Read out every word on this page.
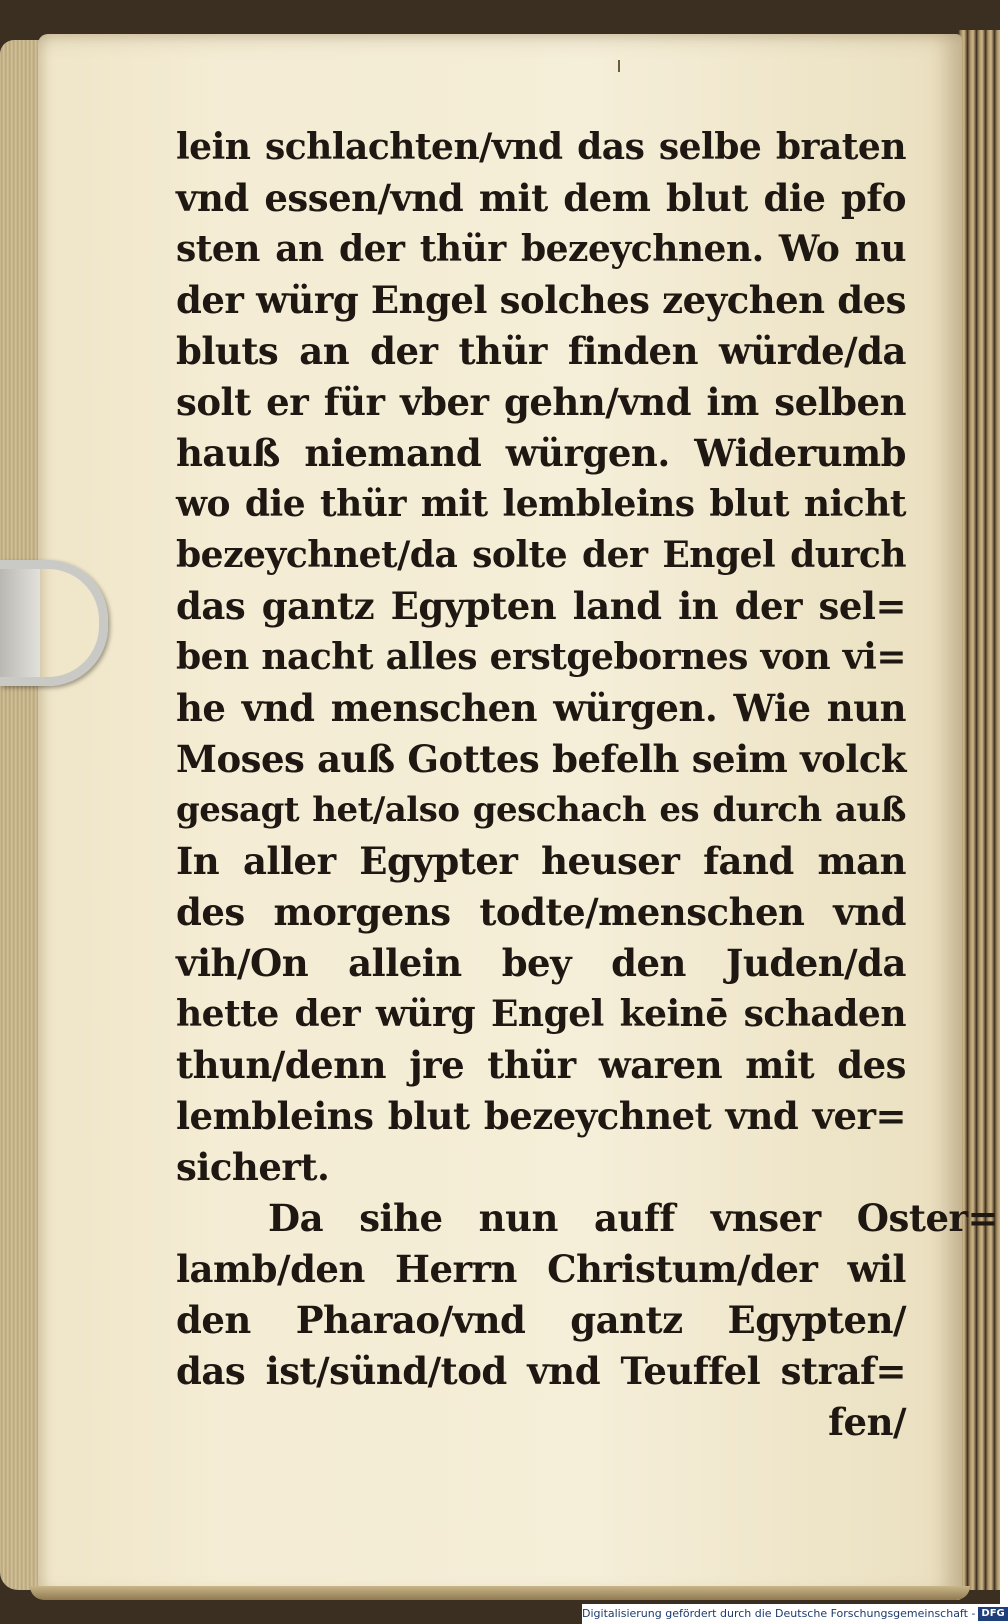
lein schlachten/vnd das selbe braten
vnd essen/vnd mit dem blut die pfo
sten an der thür bezeychnen. Wo nu
der würg Engel solches zeychen des
bluts an der thür finden würde/da
solt er für vber gehn/vnd im selben
hauß niemand würgen. Widerumb
wo die thür mit lembleins blut nicht
bezeychnet/da solte der Engel durch
das gantz Egypten land in der sel=
ben nacht alles erstgebornes von vi=
he vnd menschen würgen. Wie nun
Moses auß Gottes befelh seim volck
gesagt het/also geschach es durch auß
In aller Egypter heuser fand man
des morgens todte/menschen vnd
vih/On allein bey den Juden/da
hette der würg Engel keinē schaden
thun/denn jre thür waren mit des
lembleins blut bezeychnet vnd ver=
sichert.
Da sihe nun auff vnser Oster=
lamb/den Herrn Christum/der wil
den Pharao/vnd gantz Egypten/
das ist/sünd/tod vnd Teuffel straf=
fen/
Digitalisierung gefördert durch die Deutsche Forschungsgemeinschaft - DFG
